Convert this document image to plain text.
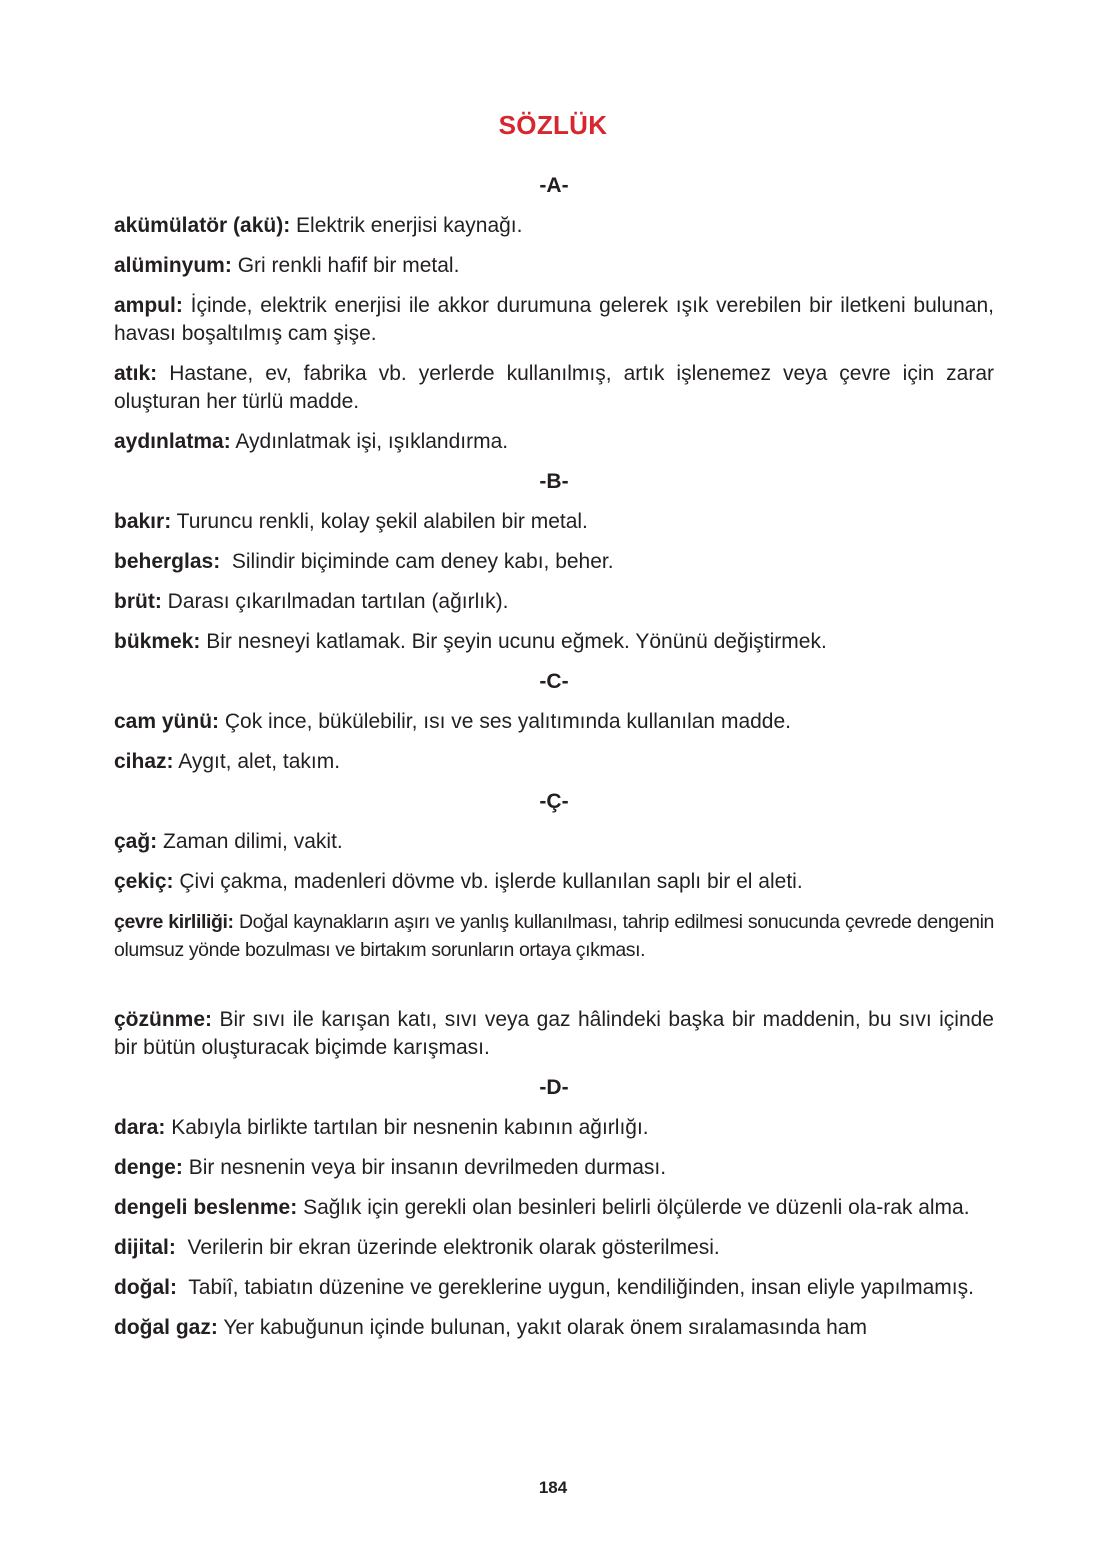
SÖZLÜK
-A-
akümülatör (akü): Elektrik enerjisi kaynağı.
alüminyum: Gri renkli hafif bir metal.
ampul: İçinde, elektrik enerjisi ile akkor durumuna gelerek ışık verebilen bir iletkeni bulunan, havası boşaltılmış cam şişe.
atık: Hastane, ev, fabrika vb. yerlerde kullanılmış, artık işlenemez veya çevre için zarar oluşturan her türlü madde.
aydınlatma: Aydınlatmak işi, ışıklandırma.
-B-
bakır: Turuncu renkli, kolay şekil alabilen bir metal.
beherglas: Silindir biçiminde cam deney kabı, beher.
brüt: Darası çıkarılmadan tartılan (ağırlık).
bükmek: Bir nesneyi katlamak. Bir şeyin ucunu eğmek. Yönünü değiştirmek.
-C-
cam yünü: Çok ince, bükülebilir, ısı ve ses yalıtımında kullanılan madde.
cihaz: Aygıt, alet, takım.
-Ç-
çağ: Zaman dilimi, vakit.
çekiç: Çivi çakma, madenleri dövme vb. işlerde kullanılan saplı bir el aleti.
çevre kirliliği: Doğal kaynakların aşırı ve yanlış kullanılması, tahrip edilmesi sonucunda çevrede dengenin olumsuz yönde bozulması ve birtakım sorunların ortaya çıkması.
çözünme: Bir sıvı ile karışan katı, sıvı veya gaz hâlindeki başka bir maddenin, bu sıvı içinde bir bütün oluşturacak biçimde karışması.
-D-
dara: Kabıyla birlikte tartılan bir nesnenin kabının ağırlığı.
denge: Bir nesnenin veya bir insanın devrilmeden durması.
dengeli beslenme: Sağlık için gerekli olan besinleri belirli ölçülerde ve düzenli ola-rak alma.
dijital: Verilerin bir ekran üzerinde elektronik olarak gösterilmesi.
doğal: Tabiî, tabiatın düzenine ve gereklerine uygun, kendiliğinden, insan eliyle yapılmamış.
doğal gaz: Yer kabuğunun içinde bulunan, yakıt olarak önem sıralamasında ham
184
